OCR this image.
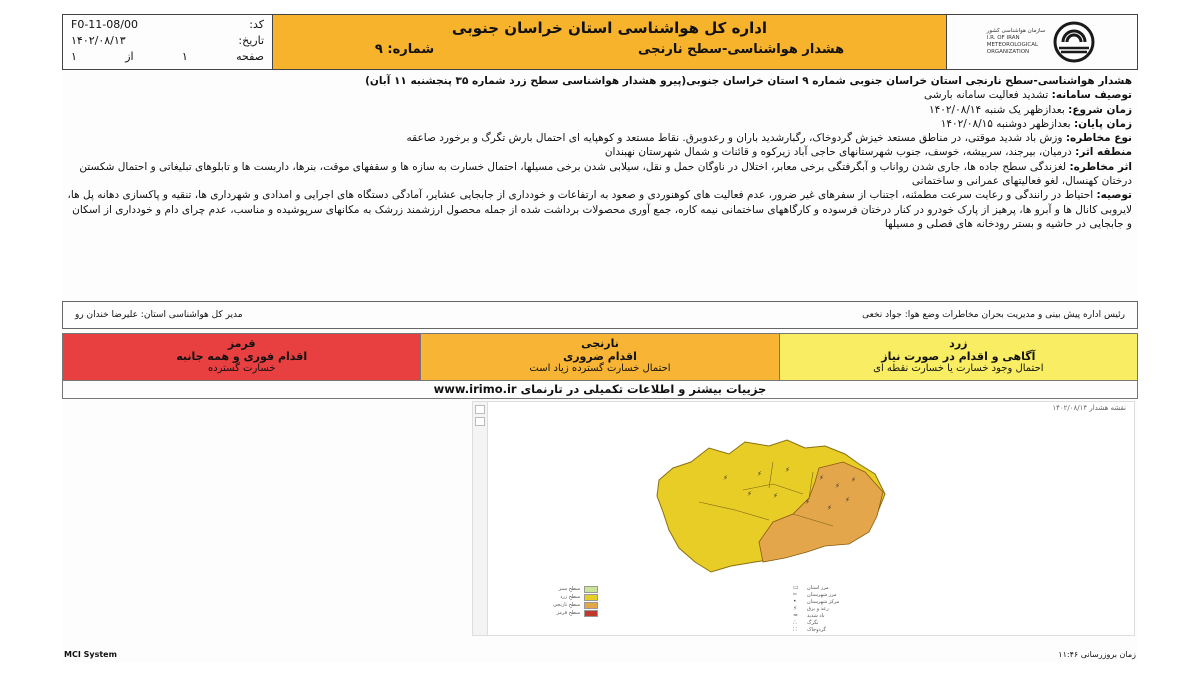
کد:
F0-11-08/00
تاریخ:
۱۴۰۲/۰۸/۱۳
صفحه
۱
از
۱
اداره کل هواشناسی استان خراسان جنوبی
هشدار هواشناسی-سطح نارنجی
شماره: ۹
سازمان هواشناسی کشور
I.R. OF IRAN
METEOROLOGICAL
ORGANIZATION

هشدار هواشناسی-سطح نارنجی استان خراسان جنوبی شماره ۹ استان خراسان جنوبی(پیرو هشدار هواشناسی سطح زرد شماره ۳۵ پنجشنبه ۱۱ آبان)

توصیف سامانه: تشدید فعالیت سامانه بارشی

زمان شروع: بعدازظهر یک شنبه ۱۴۰۲/۰۸/۱۴

زمان پایان: بعدازظهر دوشنبه ۱۴۰۲/۰۸/۱۵

نوع مخاطره: وزش باد شدید موقتی، در مناطق مستعد خیزش گردوخاک، رگبارشدید باران و رعدوبرق. نقاط مستعد و کوهپایه ای احتمال بارش تگرگ و برخورد صاعقه

منطقه اثر: درمیان، بیرجند، سربیشه، خوسف، جنوب شهرستانهای حاجی آباد زیرکوه و قائنات و شمال شهرستان نهبندان

اثر مخاطره: لغزندگی سطح جاده ها، جاری شدن رواناب و آبگرفتگی برخی معابر، اختلال در ناوگان حمل و نقل، سیلابی شدن برخی مسیلها، احتمال خسارت به سازه ها و سقفهای موقت، بنرها، داربست ها و تابلوهای تبلیغاتی و احتمال شکستن درختان کهنسال، لغو فعالیتهای عمرانی و ساختمانی

توصیه: احتیاط در رانندگی و رعایت سرعت مطمئنه، اجتناب از سفرهای غیر ضرور، عدم فعالیت های کوهنوردی و صعود به ارتفاعات و خودداری از جابجایی عشایر، آمادگی دستگاه های اجرایی و امدادی و شهرداری ها، تنقیه و پاکسازی دهانه پل ها، لایروبی کانال ها و آبرو ها، پرهیز از پارک خودرو در کنار درختان فرسوده و کارگاههای ساختمانی نیمه کاره، جمع آوری محصولات برداشت شده از جمله محصول ارزشمند زرشک به مکانهای سرپوشیده و مناسب، عدم چرای دام و خودداری از اسکان و جابجایی در حاشیه و بستر رودخانه های فصلی و مسیلها

رئیس اداره پیش بینی و مدیریت بحران مخاطرات وضع هوا: جواد نخعی
مدیر کل هواشناسی استان: علیرضا خندان رو
زرد
آگاهی و اقدام در صورت نیاز
احتمال وجود خسارت یا خسارت نقطه ای
نارنجی
اقدام ضروری
احتمال خسارت گسترده زیاد است
قرمز
اقدام فوری و همه جانبه
خسارت گسترده
جزییات بیشتر و اطلاعات تکمیلی در تارنمای www.irimo.ir
نقشه هشدار ۱۴۰۲/۰۸/۱۴
⚡	⚡	⚡
⚡
⚡
⚡
⚡
⚡
⚡
⚡
⚡
سطح سبز
سطح زرد
سطح نارنجی
سطح قرمز
▭	مرز استان
┅	مرز شهرستان
•	مرکز شهرستان
⚡	رعد و برق
≈	باد شدید
∴	تگرگ
∷	گردوخاک
MCI System	زمان بروزرسانی ۱۱:۴۶
